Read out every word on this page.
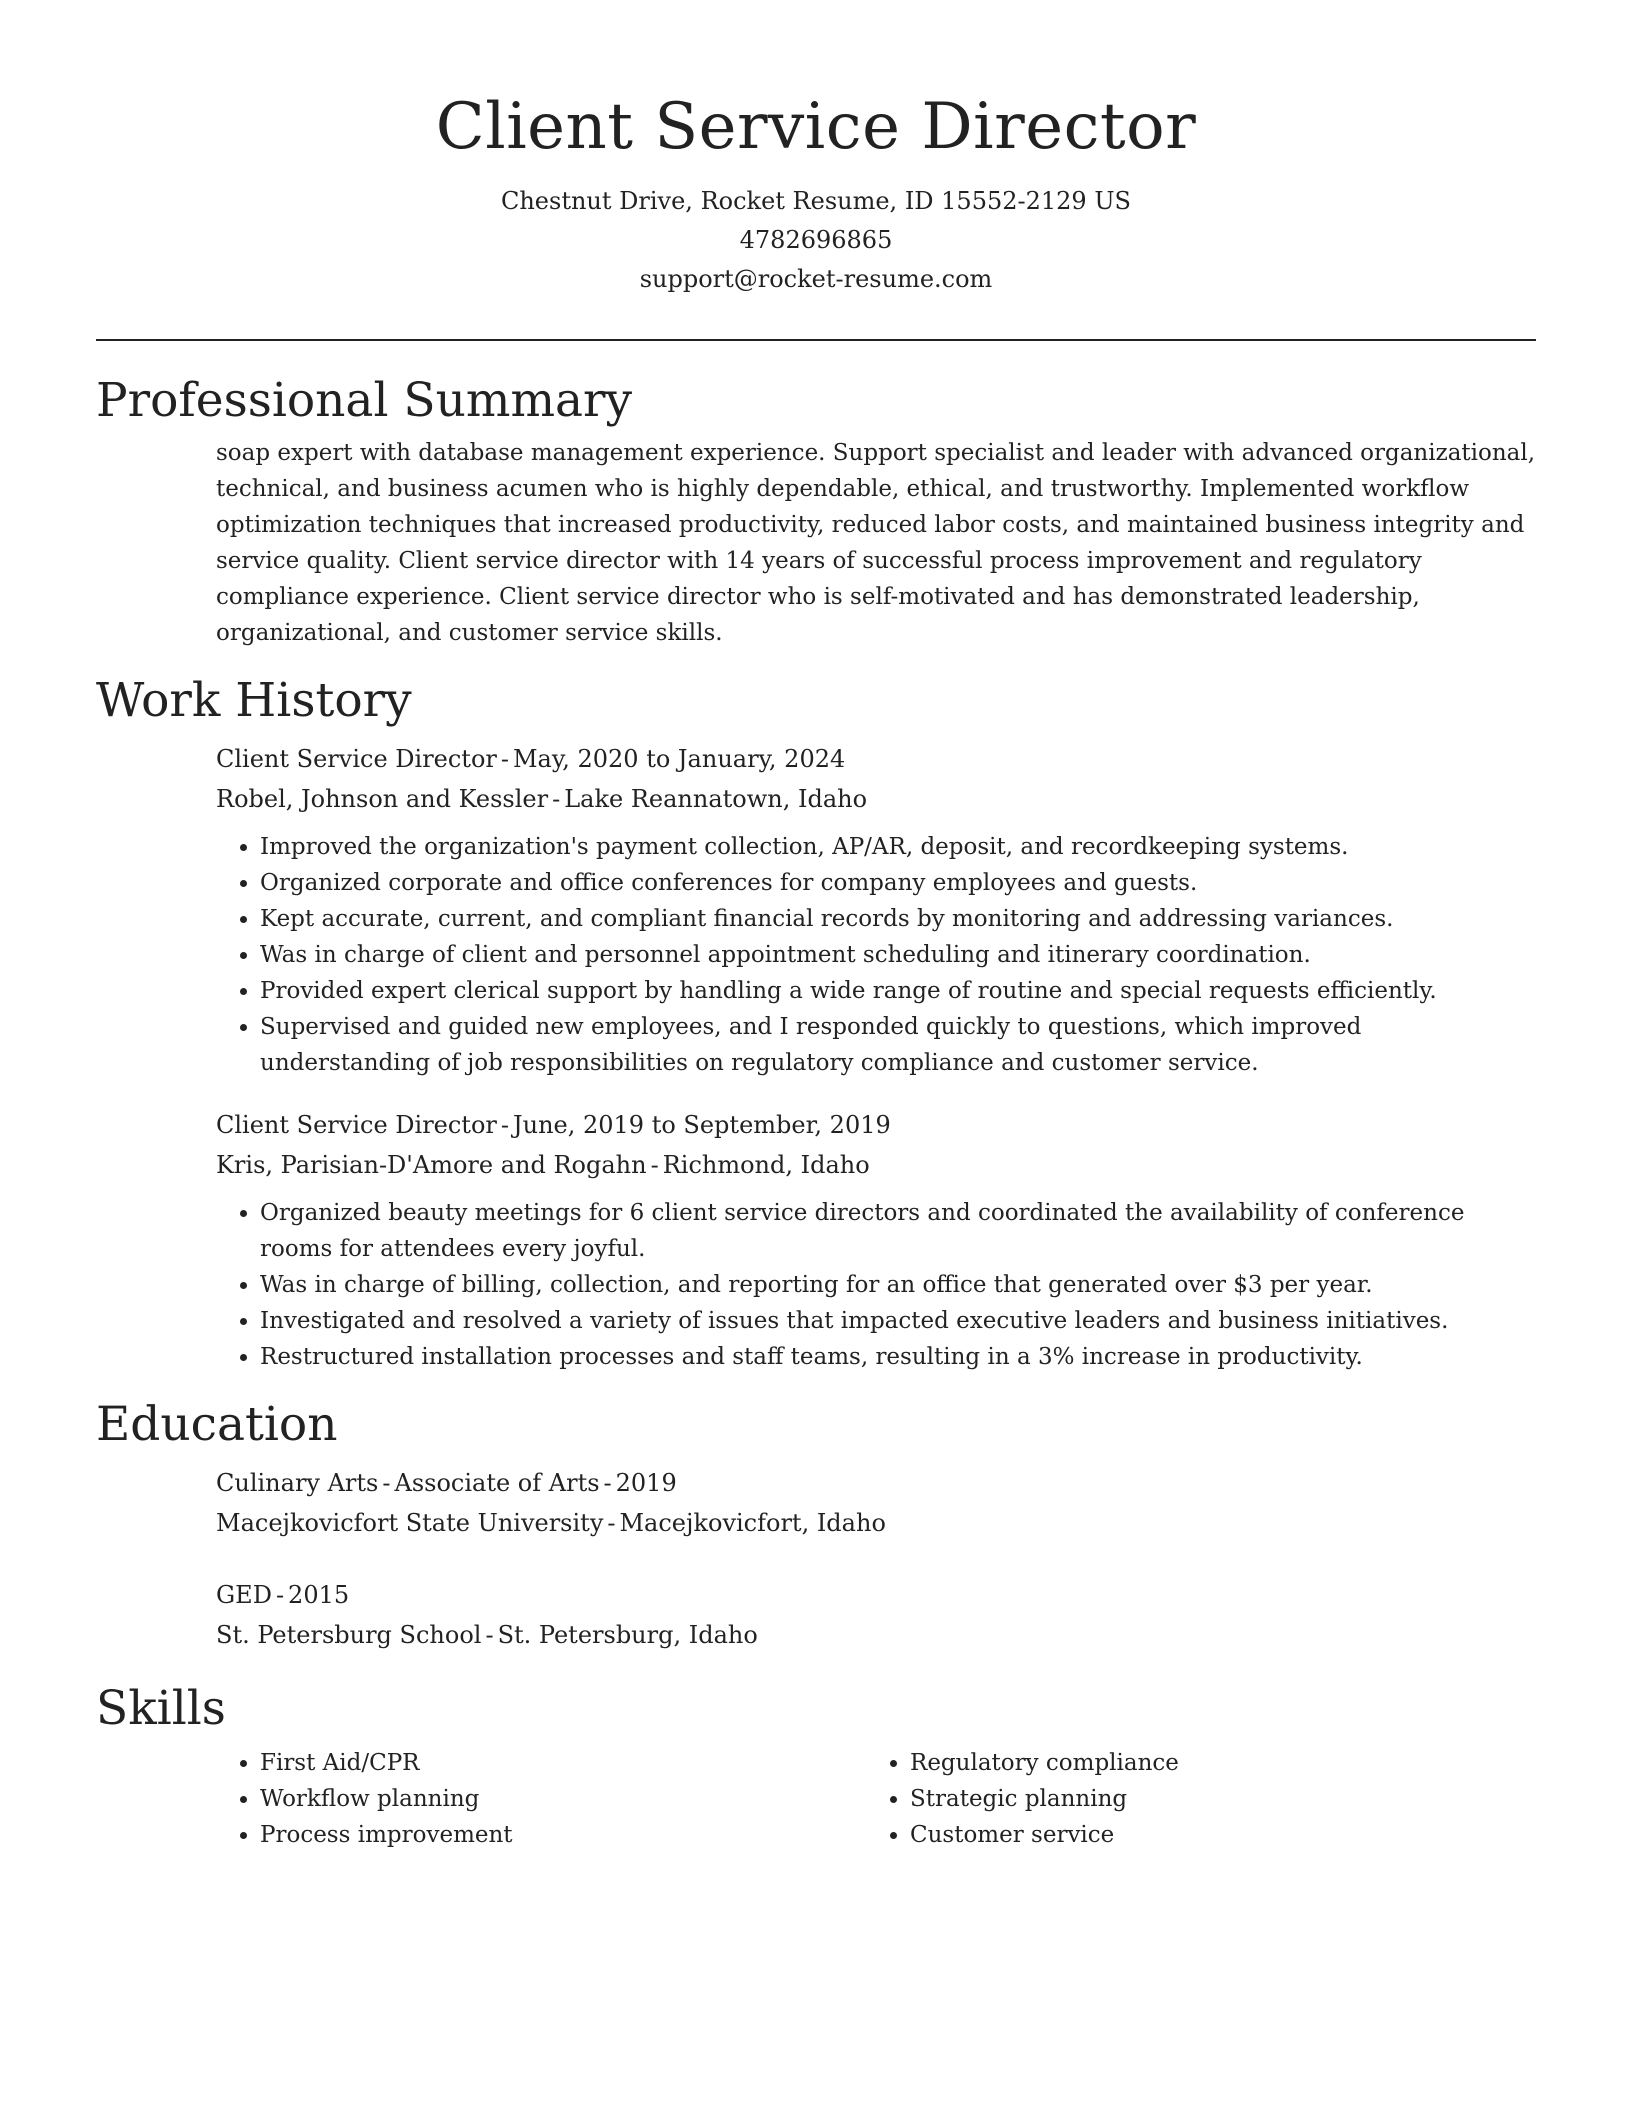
Client Service Director
Chestnut Drive, Rocket Resume, ID 15552-2129 US
4782696865
support@rocket-resume.com
Professional Summary

soap expert with database management experience. Support specialist and leader with advanced organizational, technical, and business acumen who is highly dependable, ethical, and trustworthy. Implemented workflow optimization techniques that increased productivity, reduced labor costs, and maintained business integrity and service quality. Client service director with 14 years of successful process improvement and regulatory compliance experience. Client service director who is self-motivated and has demonstrated leadership, organizational, and customer service skills.

Work History
Client Service Director - May, 2020 to January, 2024
Robel, Johnson and Kessler - Lake Reannatown, Idaho
• Improved the organization's payment collection, AP/AR, deposit, and recordkeeping systems.
• Organized corporate and office conferences for company employees and guests.
• Kept accurate, current, and compliant financial records by monitoring and addressing variances.
• Was in charge of client and personnel appointment scheduling and itinerary coordination.
• Provided expert clerical support by handling a wide range of routine and special requests efficiently.
• Supervised and guided new employees, and I responded quickly to questions, which improved understanding of job responsibilities on regulatory compliance and customer service.
Client Service Director - June, 2019 to September, 2019
Kris, Parisian-D'Amore and Rogahn - Richmond, Idaho
• Organized beauty meetings for 6 client service directors and coordinated the availability of conference rooms for attendees every joyful.
• Was in charge of billing, collection, and reporting for an office that generated over $3 per year.
• Investigated and resolved a variety of issues that impacted executive leaders and business initiatives.
• Restructured installation processes and staff teams, resulting in a 3% increase in productivity.
Education
Culinary Arts - Associate of Arts - 2019
Macejkovicfort State University - Macejkovicfort, Idaho
GED - 2015
St. Petersburg School - St. Petersburg, Idaho
Skills
• First Aid/CPR
• Workflow planning
• Process improvement
• Regulatory compliance
• Strategic planning
• Customer service
